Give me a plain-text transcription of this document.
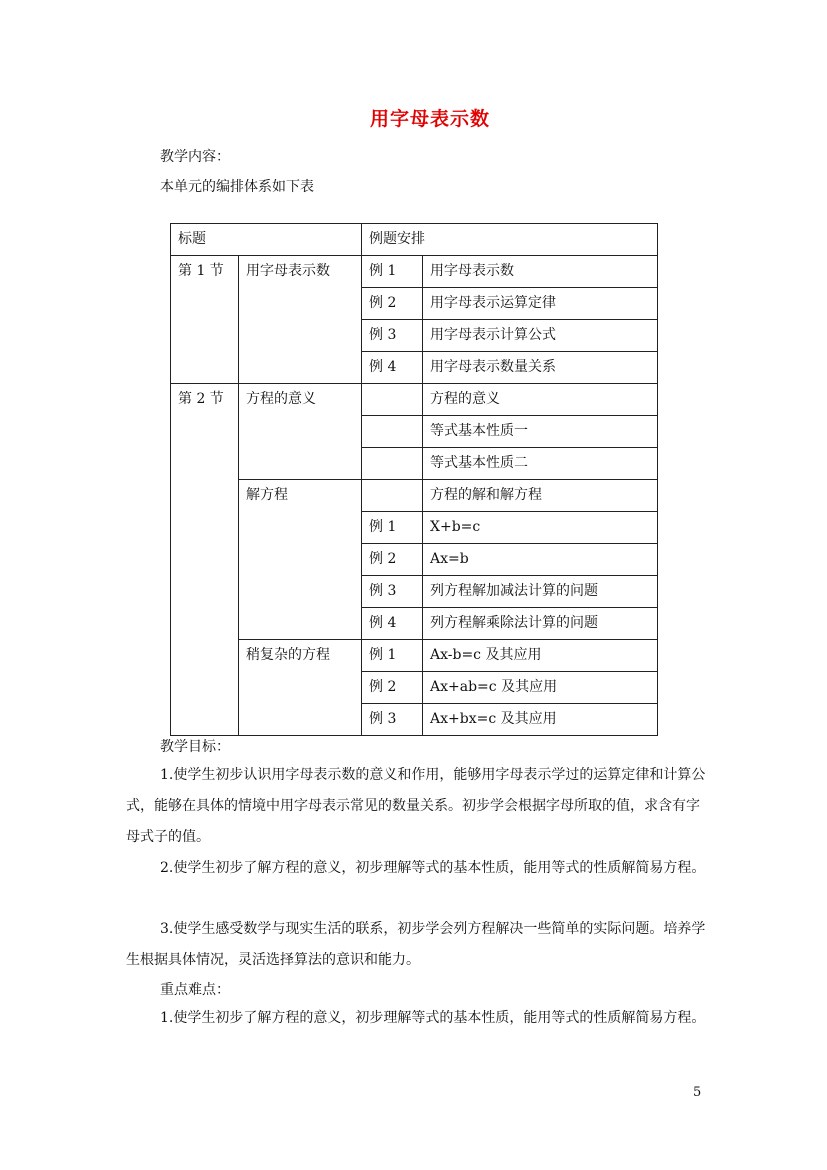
用字母表示数
教学内容：
本单元的编排体系如下表
标题		例题安排	
第 1 节	用字母表示数	例 1	用字母表示数
		例 2	用字母表示运算定律
		例 3	用字母表示计算公式
		例 4	用字母表示数量关系
第 2 节	方程的意义		方程的意义
			等式基本性质一
			等式基本性质二
	解方程		方程的解和解方程
		例 1	X+b=c
		例 2	Ax=b
		例 3	列方程解加减法计算的问题
		例 4	列方程解乘除法计算的问题
	稍复杂的方程	例 1	Ax-b=c 及其应用
		例 2	Ax+ab=c 及其应用
		例 3	Ax+bx=c 及其应用
教学目标：
1.使学生初步认识用字母表示数的意义和作用，能够用字母表示学过的运算定律和计算公式，能够在具体的情境中用字母表示常见的数量关系。初步学会根据字母所取的值，求含有字母式子的值。
2.使学生初步了解方程的意义，初步理解等式的基本性质，能用等式的性质解简易方程。
3.使学生感受数学与现实生活的联系，初步学会列方程解决一些简单的实际问题。培养学生根据具体情况，灵活选择算法的意识和能力。
重点难点：
1.使学生初步了解方程的意义，初步理解等式的基本性质，能用等式的性质解简易方程。
5
